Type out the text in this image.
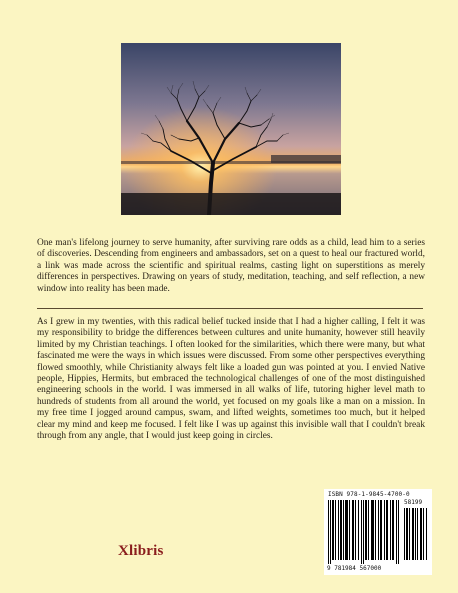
One man's lifelong journey to serve humanity, after surviving rare odds as a child, lead him to a series of discoveries. Descending from engineers and ambassadors, set on a quest to heal our fractured world, a link was made across the scientific and spiritual realms, casting light on superstitions as merely differences in perspectives. Drawing on years of study, meditation, teaching, and self reflection, a new window into reality has been made.
As I grew in my twenties, with this radical belief tucked inside that I had a higher calling, I felt it was my responsibility to bridge the differences between cultures and unite humanity, however still heavily limited by my Christian teachings. I often looked for the similarities, which there were many, but what fascinated me were the ways in which issues were discussed. From some other perspectives everything flowed smoothly, while Christianity always felt like a loaded gun was pointed at you. I envied Native people, Hippies, Hermits, but embraced the technological challenges of one of the most distinguished engineering schools in the world. I was immersed in all walks of life, tutoring higher level math to hundreds of students from all around the world, yet focused on my goals like a man on a mission. In my free time I jogged around campus, swam, and lifted weights, sometimes too much, but it helped clear my mind and keep me focused. I felt like I was up against this invisible wall that I couldn't break through from any angle, that I would just keep going in circles.
ISBN 978-1-9845-4700-0
58199
9 781984 567000
Xlibris
